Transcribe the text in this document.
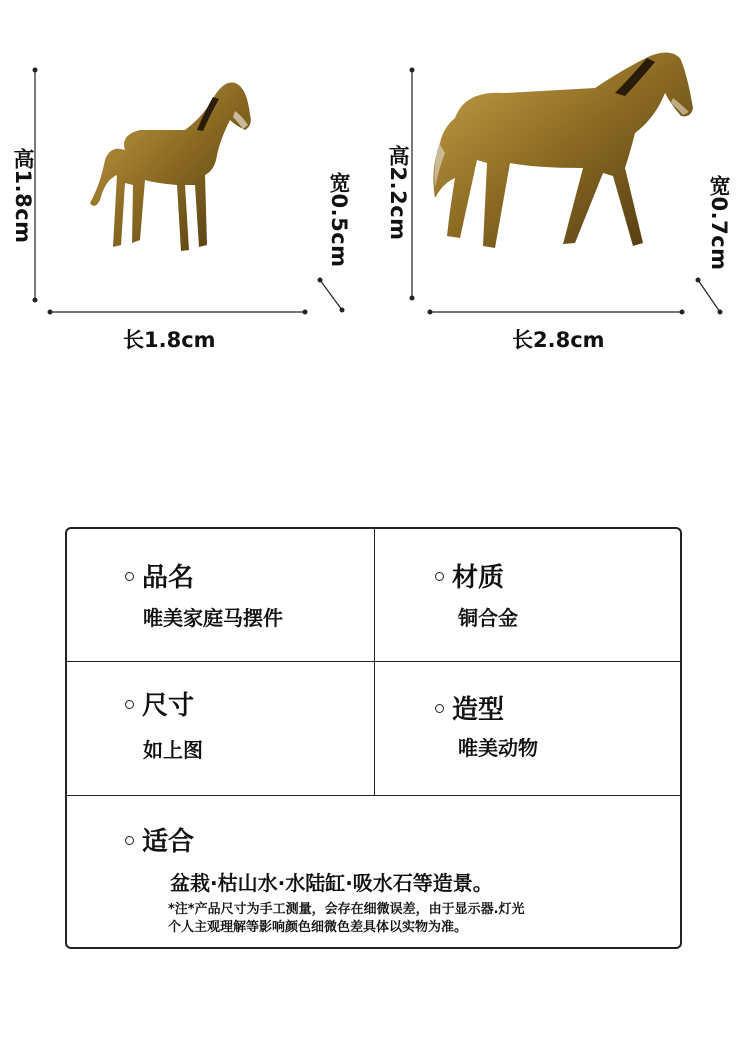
高1.8cm	宽0.5cm
长1.8cm
高2.2cm	宽0.7cm
长2.8cm
品名
唯美家庭马摆件
材质
铜合金
尺寸
如上图
造型
唯美动物
适合
盆栽·枯山水·水陆缸·吸水石等造景。
*注*产品尺寸为手工测量，会存在细微误差，由于显示器.灯光
个人主观理解等影响颜色细微色差具体以实物为准。
